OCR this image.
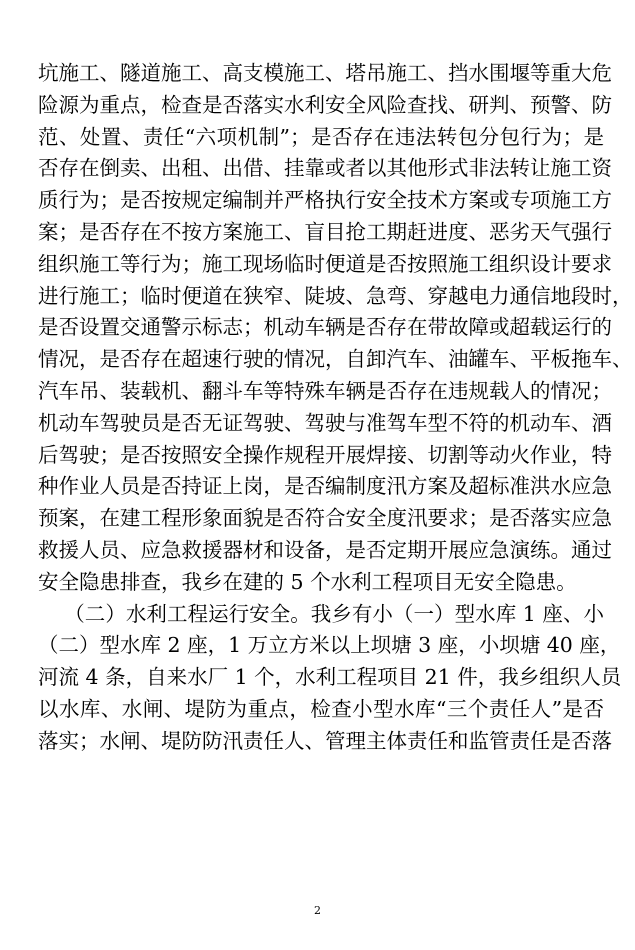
坑施工、隧道施工、高支模施工、塔吊施工、挡水围堰等重大危
险源为重点，检查是否落实水利安全风险查找、研判、预警、防
范、处置、责任“六项机制”；是否存在违法转包分包行为；是
否存在倒卖、出租、出借、挂靠或者以其他形式非法转让施工资
质行为；是否按规定编制并严格执行安全技术方案或专项施工方
案；是否存在不按方案施工、盲目抢工期赶进度、恶劣天气强行
组织施工等行为；施工现场临时便道是否按照施工组织设计要求
进行施工；临时便道在狭窄、陡坡、急弯、穿越电力通信地段时，
是否设置交通警示标志；机动车辆是否存在带故障或超载运行的
情况，是否存在超速行驶的情况，自卸汽车、油罐车、平板拖车、
汽车吊、装载机、翻斗车等特殊车辆是否存在违规载人的情况；
机动车驾驶员是否无证驾驶、驾驶与准驾车型不符的机动车、酒
后驾驶；是否按照安全操作规程开展焊接、切割等动火作业，特
种作业人员是否持证上岗，是否编制度汛方案及超标准洪水应急
预案，在建工程形象面貌是否符合安全度汛要求；是否落实应急
救援人员、应急救援器材和设备，是否定期开展应急演练。通过
安全隐患排查，我乡在建的 5 个水利工程项目无安全隐患。
（二）水利工程运行安全。我乡有小（一）型水库 1 座、小
（二）型水库 2 座，1 万立方米以上坝塘 3 座，小坝塘 40 座，
河流 4 条，自来水厂 1 个，水利工程项目 21 件，我乡组织人员
以水库、水闸、堤防为重点，检查小型水库“三个责任人”是否
落实；水闸、堤防防汛责任人、管理主体责任和监管责任是否落
2
